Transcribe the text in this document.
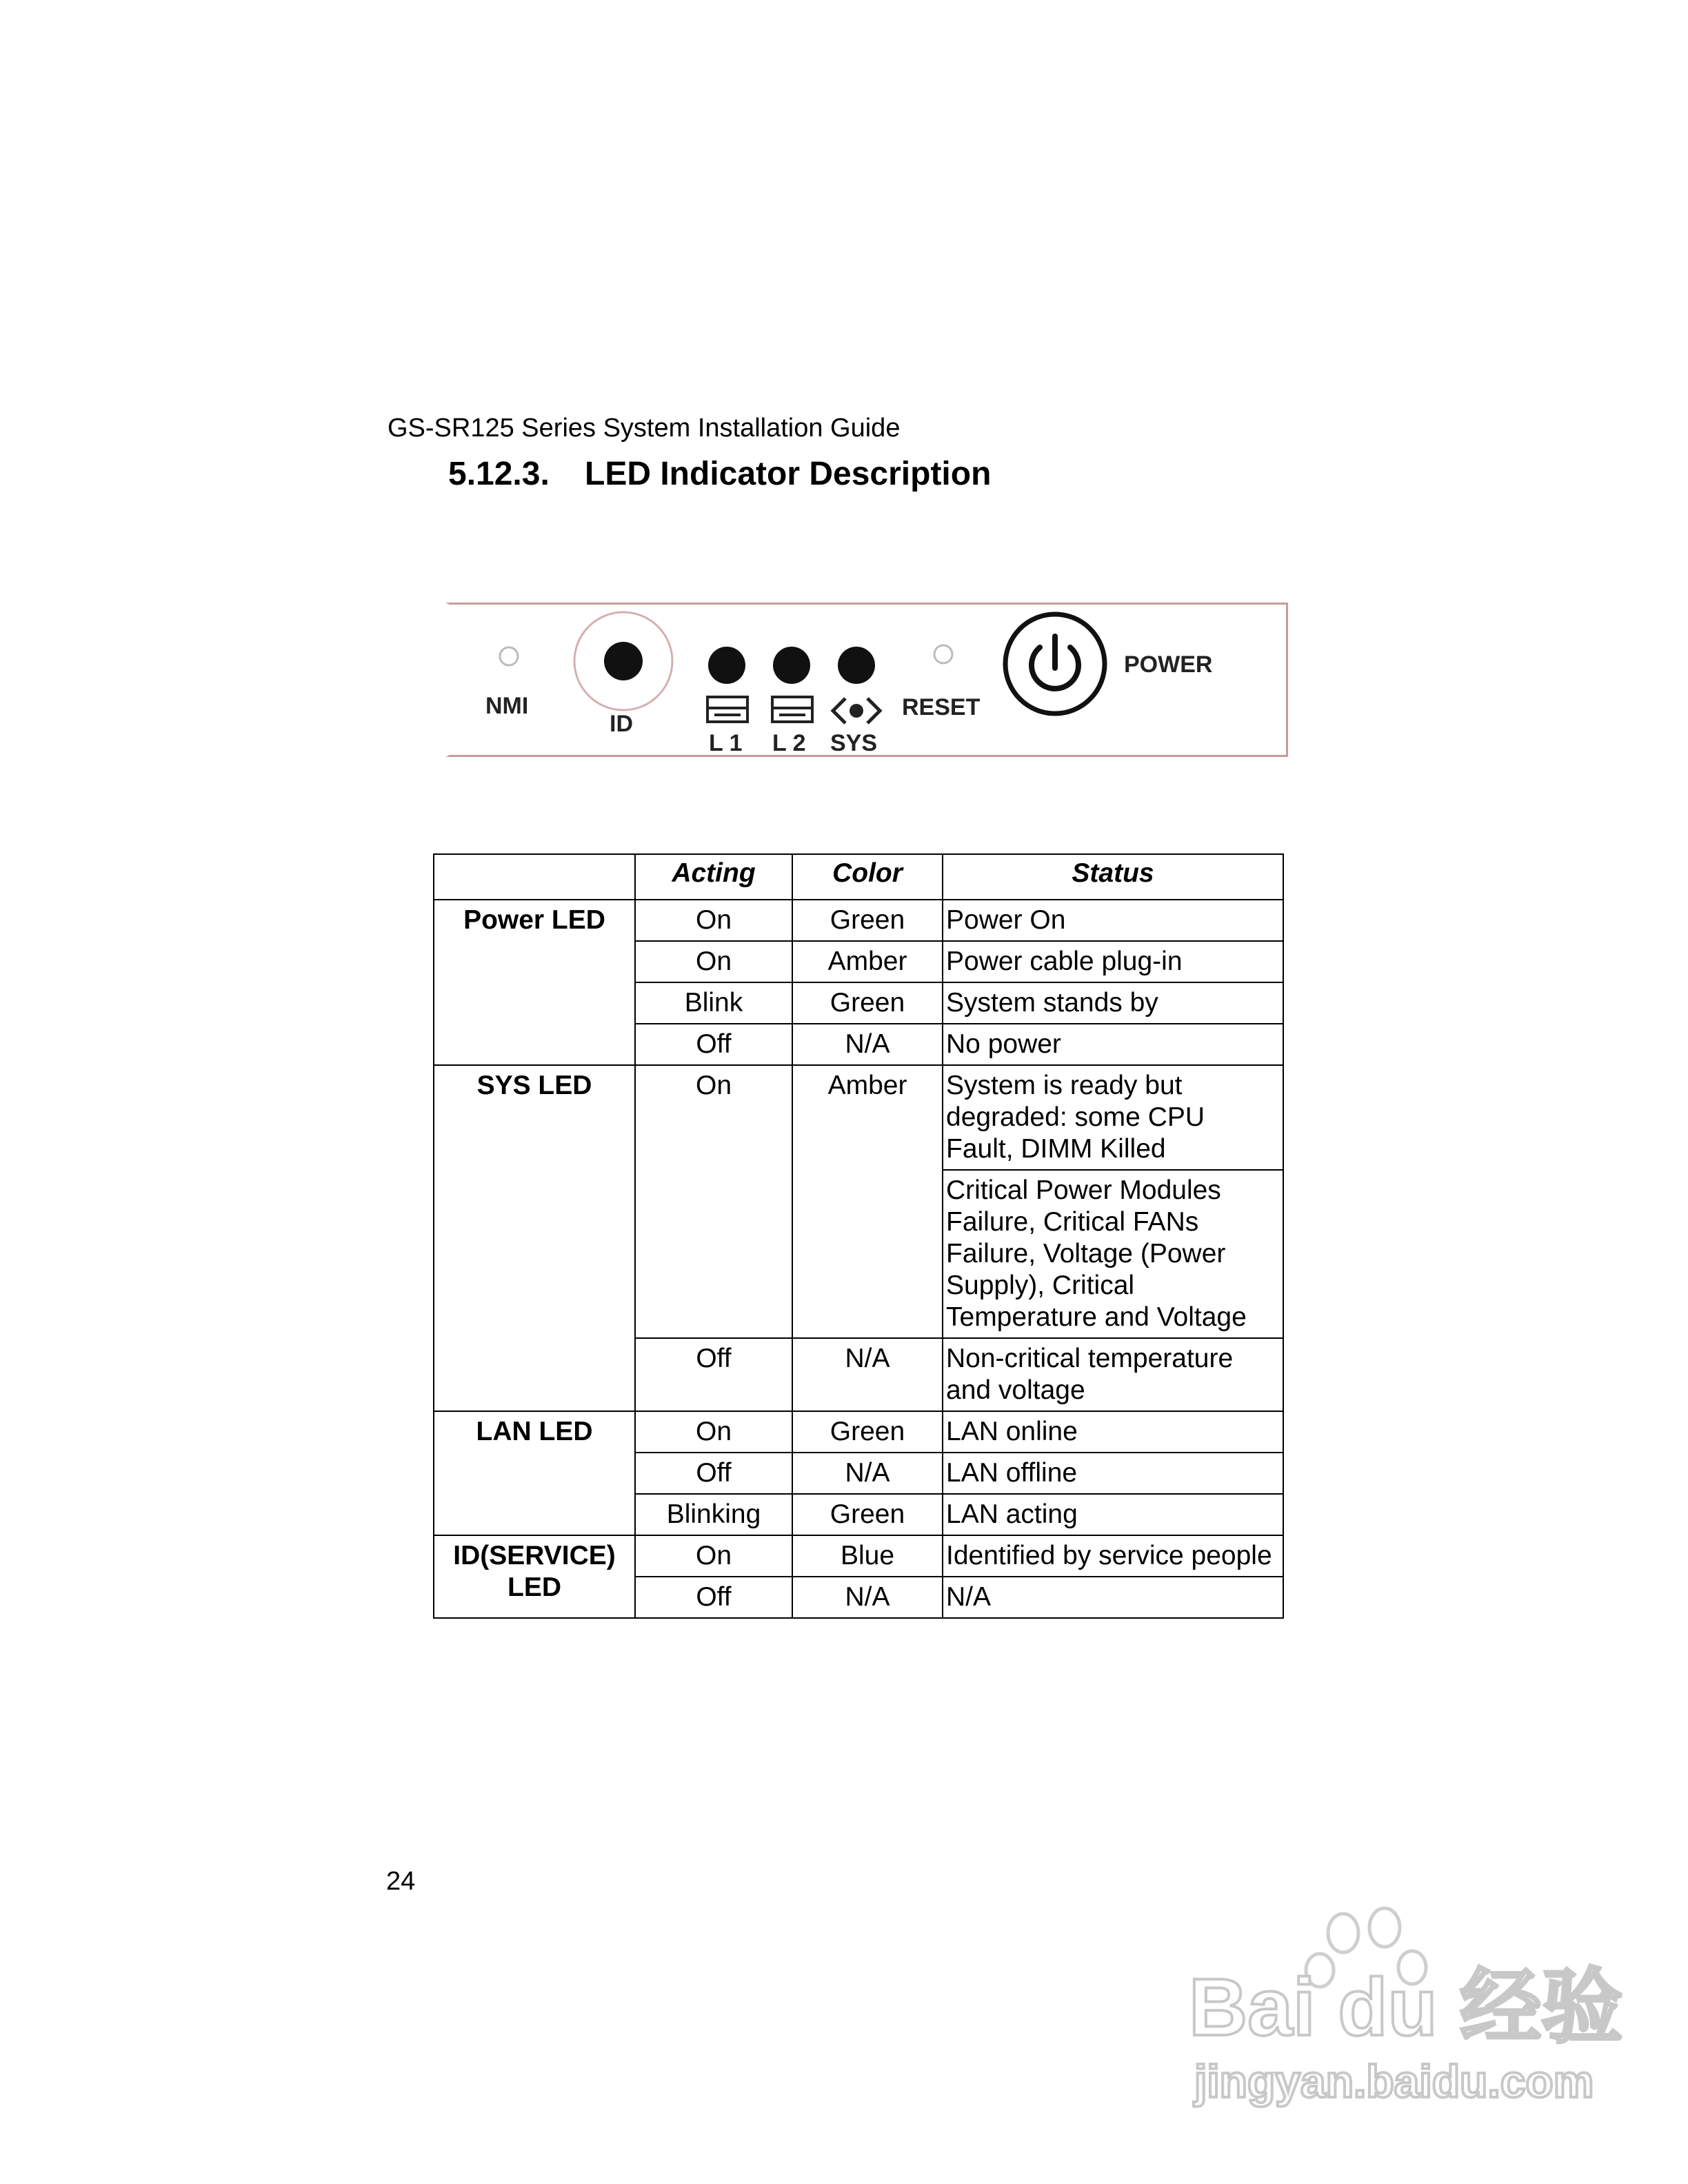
GS-SR125 Series System Installation Guide
5.12.3. LED Indicator Description
NMI
ID
L 1 L 2 SYS
RESET
POWER
	Acting	Color	Status
Power LED	On	Green	Power On
	On	Amber	Power cable plug-in
	Blink	Green	System stands by
	Off	N/A	No power
SYS LED	On	Amber	System is ready but degraded: some CPU Fault, DIMM Killed
			Critical Power Modules Failure, Critical FANs Failure, Voltage (Power Supply), Critical Temperature and Voltage
	Off	N/A	Non-critical temperature and voltage
LAN LED	On	Green	LAN online
	Off	N/A	LAN offline
	Blinking	Green	LAN acting
ID(SERVICE) LED	On	Blue	Identified by service people
	Off	N/A	N/A
24
Bai du 经验
jingyan.baidu.com
